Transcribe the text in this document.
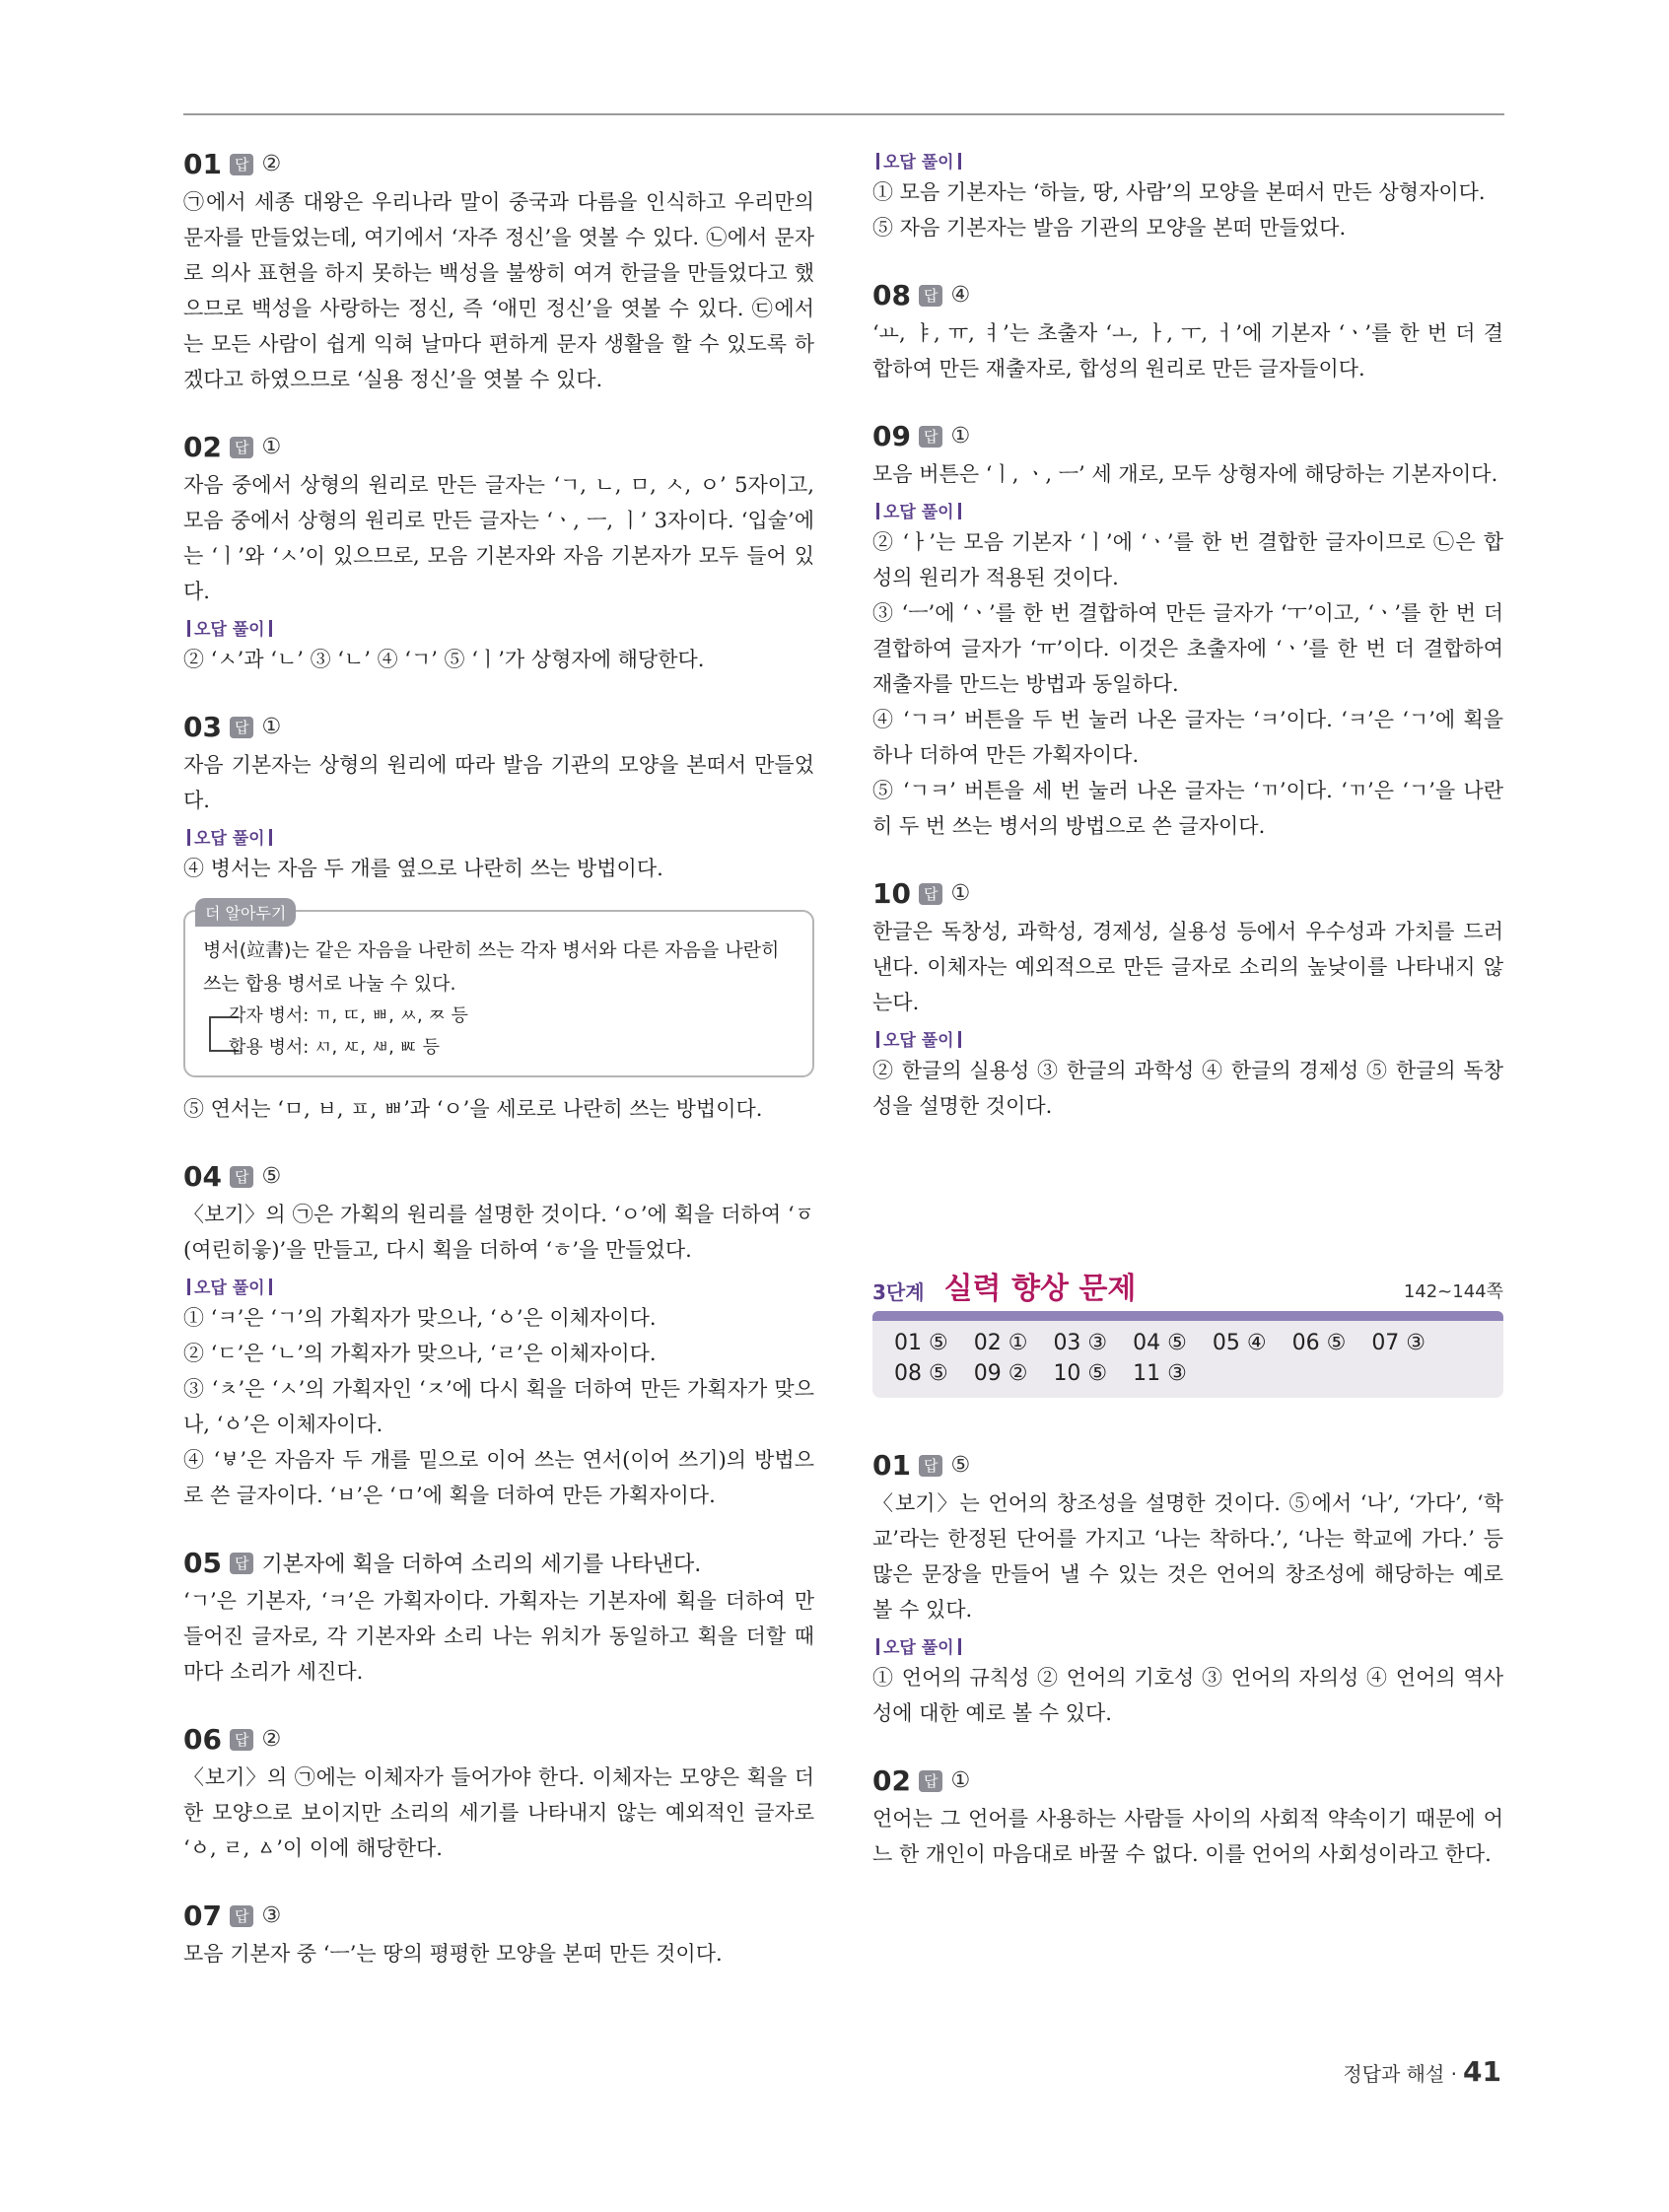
01 답 ②

㉠에서 세종 대왕은 우리나라 말이 중국과 다름을 인식하고 우리만의 문자를 만들었는데, 여기에서 ‘자주 정신’을 엿볼 수 있다. ㉡에서 문자로 의사 표현을 하지 못하는 백성을 불쌍히 여겨 한글을 만들었다고 했으므로 백성을 사랑하는 정신, 즉 ‘애민 정신’을 엿볼 수 있다. ㉢에서는 모든 사람이 쉽게 익혀 날마다 편하게 문자 생활을 할 수 있도록 하겠다고 하였으므로 ‘실용 정신’을 엿볼 수 있다.

02 답 ①

자음 중에서 상형의 원리로 만든 글자는 ‘ㄱ, ㄴ, ㅁ, ㅅ, ㅇ’ 5자이고, 모음 중에서 상형의 원리로 만든 글자는 ‘ㆍ, ㅡ, ㅣ’ 3자이다. ‘입술’에는 ‘ㅣ’와 ‘ㅅ’이 있으므로, 모음 기본자와 자음 기본자가 모두 들어 있다.

오답 풀이

② ‘ㅅ’과 ‘ㄴ’ ③ ‘ㄴ’ ④ ‘ㄱ’ ⑤ ‘ㅣ’가 상형자에 해당한다.

03 답 ①

자음 기본자는 상형의 원리에 따라 발음 기관의 모양을 본떠서 만들었다.

오답 풀이

④ 병서는 자음 두 개를 옆으로 나란히 쓰는 방법이다.

더 알아두기

병서(竝書)는 같은 자음을 나란히 쓰는 각자 병서와 다른 자음을 나란히 쓰는 합용 병서로 나눌 수 있다.

각자 병서: ㄲ, ㄸ, ㅃ, ㅆ, ㅉ 등
합용 병서: ㅺ, ㅼ, ㅽ, ㅵ 등

⑤ 연서는 ‘ㅁ, ㅂ, ㅍ, ㅃ’과 ‘ㅇ’을 세로로 나란히 쓰는 방법이다.

04 답 ⑤

〈보기〉의 ㉠은 가획의 원리를 설명한 것이다. ‘ㅇ’에 획을 더하여 ‘ㆆ(여린히읗)’을 만들고, 다시 획을 더하여 ‘ㅎ’을 만들었다.

오답 풀이

① ‘ㅋ’은 ‘ㄱ’의 가획자가 맞으나, ‘ㆁ’은 이체자이다.

② ‘ㄷ’은 ‘ㄴ’의 가획자가 맞으나, ‘ㄹ’은 이체자이다.

③ ‘ㅊ’은 ‘ㅅ’의 가획자인 ‘ㅈ’에 다시 획을 더하여 만든 가획자가 맞으나, ‘ㆁ’은 이체자이다.

④ ‘ㅸ’은 자음자 두 개를 밑으로 이어 쓰는 연서(이어 쓰기)의 방법으로 쓴 글자이다. ‘ㅂ’은 ‘ㅁ’에 획을 더하여 만든 가획자이다.

05 답 기본자에 획을 더하여 소리의 세기를 나타낸다.

‘ㄱ’은 기본자, ‘ㅋ’은 가획자이다. 가획자는 기본자에 획을 더하여 만들어진 글자로, 각 기본자와 소리 나는 위치가 동일하고 획을 더할 때마다 소리가 세진다.

06 답 ②

〈보기〉의 ㉠에는 이체자가 들어가야 한다. 이체자는 모양은 획을 더한 모양으로 보이지만 소리의 세기를 나타내지 않는 예외적인 글자로 ‘ㆁ, ㄹ, ㅿ’이 이에 해당한다.

07 답 ③

모음 기본자 중 ‘ㅡ’는 땅의 평평한 모양을 본떠 만든 것이다.

오답 풀이

① 모음 기본자는 ‘하늘, 땅, 사람’의 모양을 본떠서 만든 상형자이다.

⑤ 자음 기본자는 발음 기관의 모양을 본떠 만들었다.

08 답 ④

‘ㅛ, ㅑ, ㅠ, ㅕ’는 초출자 ‘ㅗ, ㅏ, ㅜ, ㅓ’에 기본자 ‘ㆍ’를 한 번 더 결합하여 만든 재출자로, 합성의 원리로 만든 글자들이다.

09 답 ①

모음 버튼은 ‘ㅣ, ㆍ, ㅡ’ 세 개로, 모두 상형자에 해당하는 기본자이다.

오답 풀이

② ‘ㅏ’는 모음 기본자 ‘ㅣ’에 ‘ㆍ’를 한 번 결합한 글자이므로 ㉡은 합성의 원리가 적용된 것이다.

③ ‘ㅡ’에 ‘ㆍ’를 한 번 결합하여 만든 글자가 ‘ㅜ’이고, ‘ㆍ’를 한 번 더 결합하여 글자가 ‘ㅠ’이다. 이것은 초출자에 ‘ㆍ’를 한 번 더 결합하여 재출자를 만드는 방법과 동일하다.

④ ‘ㄱㅋ’ 버튼을 두 번 눌러 나온 글자는 ‘ㅋ’이다. ‘ㅋ’은 ‘ㄱ’에 획을 하나 더하여 만든 가획자이다.

⑤ ‘ㄱㅋ’ 버튼을 세 번 눌러 나온 글자는 ‘ㄲ’이다. ‘ㄲ’은 ‘ㄱ’을 나란히 두 번 쓰는 병서의 방법으로 쓴 글자이다.

10 답 ①

한글은 독창성, 과학성, 경제성, 실용성 등에서 우수성과 가치를 드러낸다. 이체자는 예외적으로 만든 글자로 소리의 높낮이를 나타내지 않는다.

오답 풀이

② 한글의 실용성 ③ 한글의 과학성 ④ 한글의 경제성 ⑤ 한글의 독창성을 설명한 것이다.

3단계 실력 향상 문제	142~144쪽
01 ⑤ 02 ① 03 ③ 04 ⑤ 05 ④ 06 ⑤ 07 ③
08 ⑤ 09 ② 10 ⑤ 11 ③
01 답 ⑤

〈보기〉는 언어의 창조성을 설명한 것이다. ⑤에서 ‘나’, ‘가다’, ‘학교’라는 한정된 단어를 가지고 ‘나는 착하다.’, ‘나는 학교에 가다.’ 등 많은 문장을 만들어 낼 수 있는 것은 언어의 창조성에 해당하는 예로 볼 수 있다.

오답 풀이

① 언어의 규칙성 ② 언어의 기호성 ③ 언어의 자의성 ④ 언어의 역사성에 대한 예로 볼 수 있다.

02 답 ①

언어는 그 언어를 사용하는 사람들 사이의 사회적 약속이기 때문에 어느 한 개인이 마음대로 바꿀 수 없다. 이를 언어의 사회성이라고 한다.

정답과 해설 · 41
